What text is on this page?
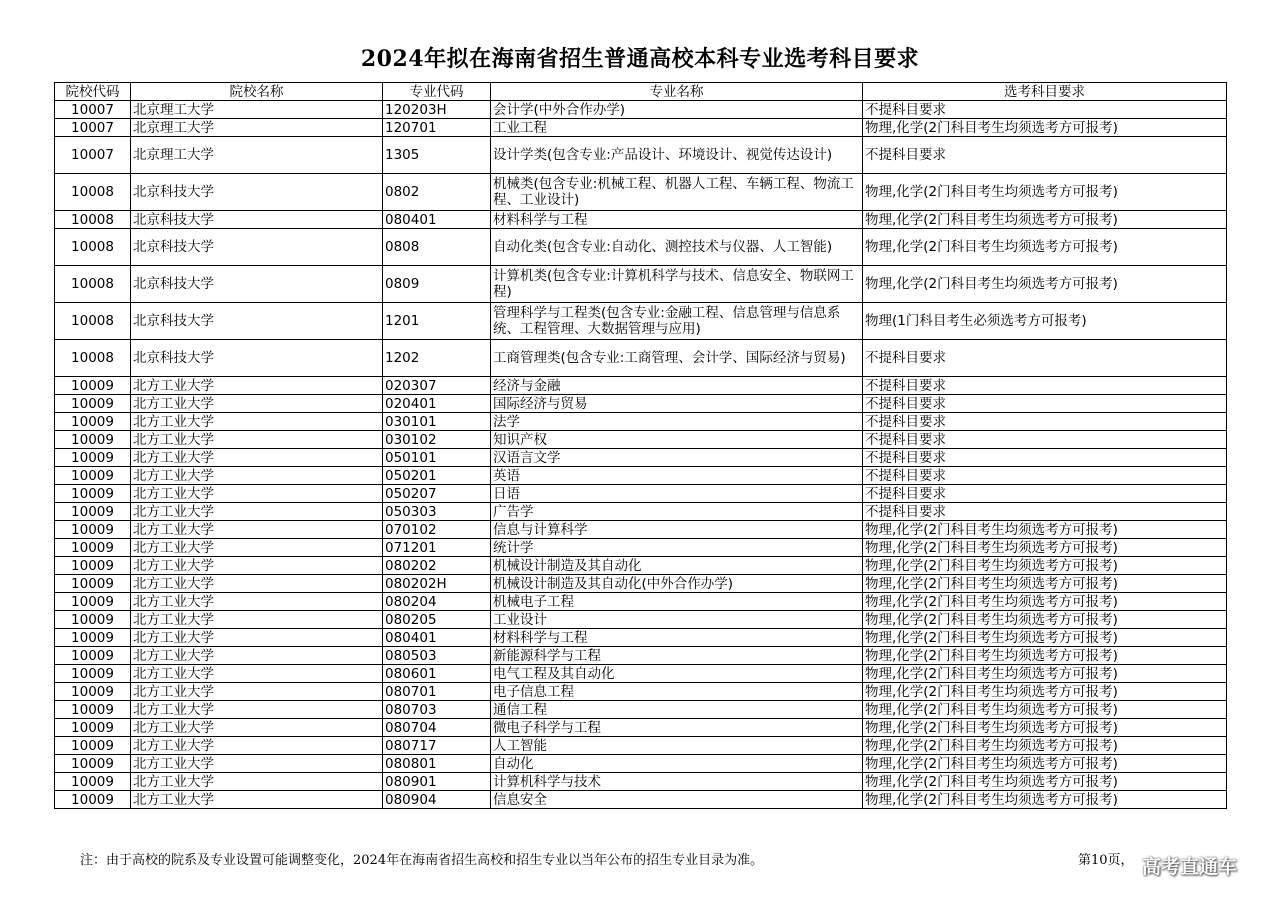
2024年拟在海南省招生普通高校本科专业选考科目要求
院校代码	院校名称	专业代码	专业名称	选考科目要求
10007	北京理工大学	120203H	会计学(中外合作办学)	不提科目要求
10007	北京理工大学	120701	工业工程	物理,化学(2门科目考生均须选考方可报考)
10007	北京理工大学	1305	设计学类(包含专业:产品设计、环境设计、视觉传达设计)	不提科目要求
10008	北京科技大学	0802	机械类(包含专业:机械工程、机器人工程、车辆工程、物流工程、工业设计)	物理,化学(2门科目考生均须选考方可报考)
10008	北京科技大学	080401	材料科学与工程	物理,化学(2门科目考生均须选考方可报考)
10008	北京科技大学	0808	自动化类(包含专业:自动化、测控技术与仪器、人工智能)	物理,化学(2门科目考生均须选考方可报考)
10008	北京科技大学	0809	计算机类(包含专业:计算机科学与技术、信息安全、物联网工程)	物理,化学(2门科目考生均须选考方可报考)
10008	北京科技大学	1201	管理科学与工程类(包含专业:金融工程、信息管理与信息系统、工程管理、大数据管理与应用)	物理(1门科目考生必须选考方可报考)
10008	北京科技大学	1202	工商管理类(包含专业:工商管理、会计学、国际经济与贸易)	不提科目要求
10009	北方工业大学	020307	经济与金融	不提科目要求
10009	北方工业大学	020401	国际经济与贸易	不提科目要求
10009	北方工业大学	030101	法学	不提科目要求
10009	北方工业大学	030102	知识产权	不提科目要求
10009	北方工业大学	050101	汉语言文学	不提科目要求
10009	北方工业大学	050201	英语	不提科目要求
10009	北方工业大学	050207	日语	不提科目要求
10009	北方工业大学	050303	广告学	不提科目要求
10009	北方工业大学	070102	信息与计算科学	物理,化学(2门科目考生均须选考方可报考)
10009	北方工业大学	071201	统计学	物理,化学(2门科目考生均须选考方可报考)
10009	北方工业大学	080202	机械设计制造及其自动化	物理,化学(2门科目考生均须选考方可报考)
10009	北方工业大学	080202H	机械设计制造及其自动化(中外合作办学)	物理,化学(2门科目考生均须选考方可报考)
10009	北方工业大学	080204	机械电子工程	物理,化学(2门科目考生均须选考方可报考)
10009	北方工业大学	080205	工业设计	物理,化学(2门科目考生均须选考方可报考)
10009	北方工业大学	080401	材料科学与工程	物理,化学(2门科目考生均须选考方可报考)
10009	北方工业大学	080503	新能源科学与工程	物理,化学(2门科目考生均须选考方可报考)
10009	北方工业大学	080601	电气工程及其自动化	物理,化学(2门科目考生均须选考方可报考)
10009	北方工业大学	080701	电子信息工程	物理,化学(2门科目考生均须选考方可报考)
10009	北方工业大学	080703	通信工程	物理,化学(2门科目考生均须选考方可报考)
10009	北方工业大学	080704	微电子科学与工程	物理,化学(2门科目考生均须选考方可报考)
10009	北方工业大学	080717	人工智能	物理,化学(2门科目考生均须选考方可报考)
10009	北方工业大学	080801	自动化	物理,化学(2门科目考生均须选考方可报考)
10009	北方工业大学	080901	计算机科学与技术	物理,化学(2门科目考生均须选考方可报考)
10009	北方工业大学	080904	信息安全	物理,化学(2门科目考生均须选考方可报考)
注：由于高校的院系及专业设置可能调整变化，2024年在海南省招生高校和招生专业以当年公布的招生专业目录为准。	第10页， 高考直通车
